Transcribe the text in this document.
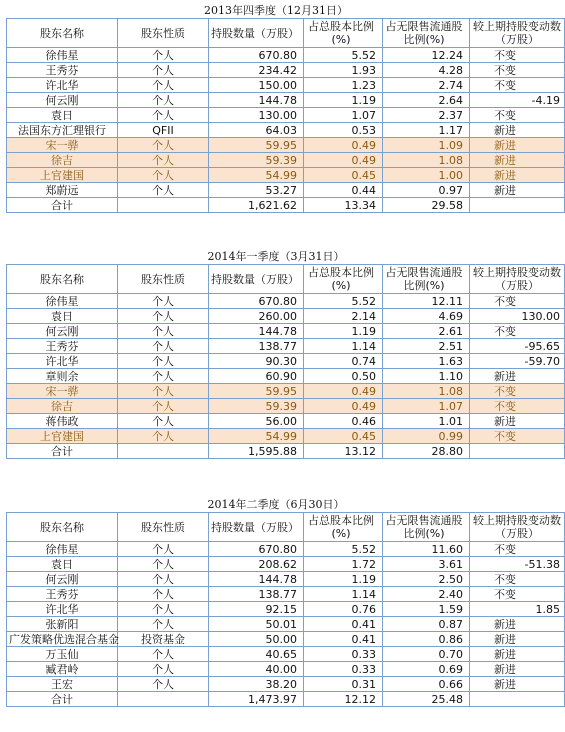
2013年四季度（12月31日）
股东名称	股东性质	持股数量（万股）	占总股本比例(%)	占无限售流通股比例(%)	较上期持股变动数（万股）
徐伟星	个人	670.80	5.52	12.24	不变
王秀芬	个人	234.42	1.93	4.28	不变
许北华	个人	150.00	1.23	2.74	不变
何云刚	个人	144.78	1.19	2.64	-4.19
袁日	个人	130.00	1.07	2.37	不变
法国东方汇理银行	QFII	64.03	0.53	1.17	新进
宋一骅	个人	59.95	0.49	1.09	新进
徐吉	个人	59.39	0.49	1.08	新进
上官建国	个人	54.99	0.45	1.00	新进
郑蔚远	个人	53.27	0.44	0.97	新进
合计		1,621.62	13.34	29.58	
2014年一季度（3月31日）
股东名称	股东性质	持股数量（万股）	占总股本比例(%)	占无限售流通股比例(%)	较上期持股变动数（万股）
徐伟星	个人	670.80	5.52	12.11	不变
袁日	个人	260.00	2.14	4.69	130.00
何云刚	个人	144.78	1.19	2.61	不变
王秀芬	个人	138.77	1.14	2.51	-95.65
许北华	个人	90.30	0.74	1.63	-59.70
章则余	个人	60.90	0.50	1.10	新进
宋一骅	个人	59.95	0.49	1.08	不变
徐吉	个人	59.39	0.49	1.07	不变
蒋伟政	个人	56.00	0.46	1.01	新进
上官建国	个人	54.99	0.45	0.99	不变
合计		1,595.88	13.12	28.80	
2014年二季度（6月30日）
股东名称	股东性质	持股数量（万股）	占总股本比例(%)	占无限售流通股比例(%)	较上期持股变动数（万股）
徐伟星	个人	670.80	5.52	11.60	不变
袁日	个人	208.62	1.72	3.61	-51.38
何云刚	个人	144.78	1.19	2.50	不变
王秀芬	个人	138.77	1.14	2.40	不变
许北华	个人	92.15	0.76	1.59	1.85
张新阳	个人	50.01	0.41	0.87	新进
广发策略优选混合基金	投资基金	50.00	0.41	0.86	新进
万玉仙	个人	40.65	0.33	0.70	新进
臧君岭	个人	40.00	0.33	0.69	新进
王宏	个人	38.20	0.31	0.66	新进
合计		1,473.97	12.12	25.48	
